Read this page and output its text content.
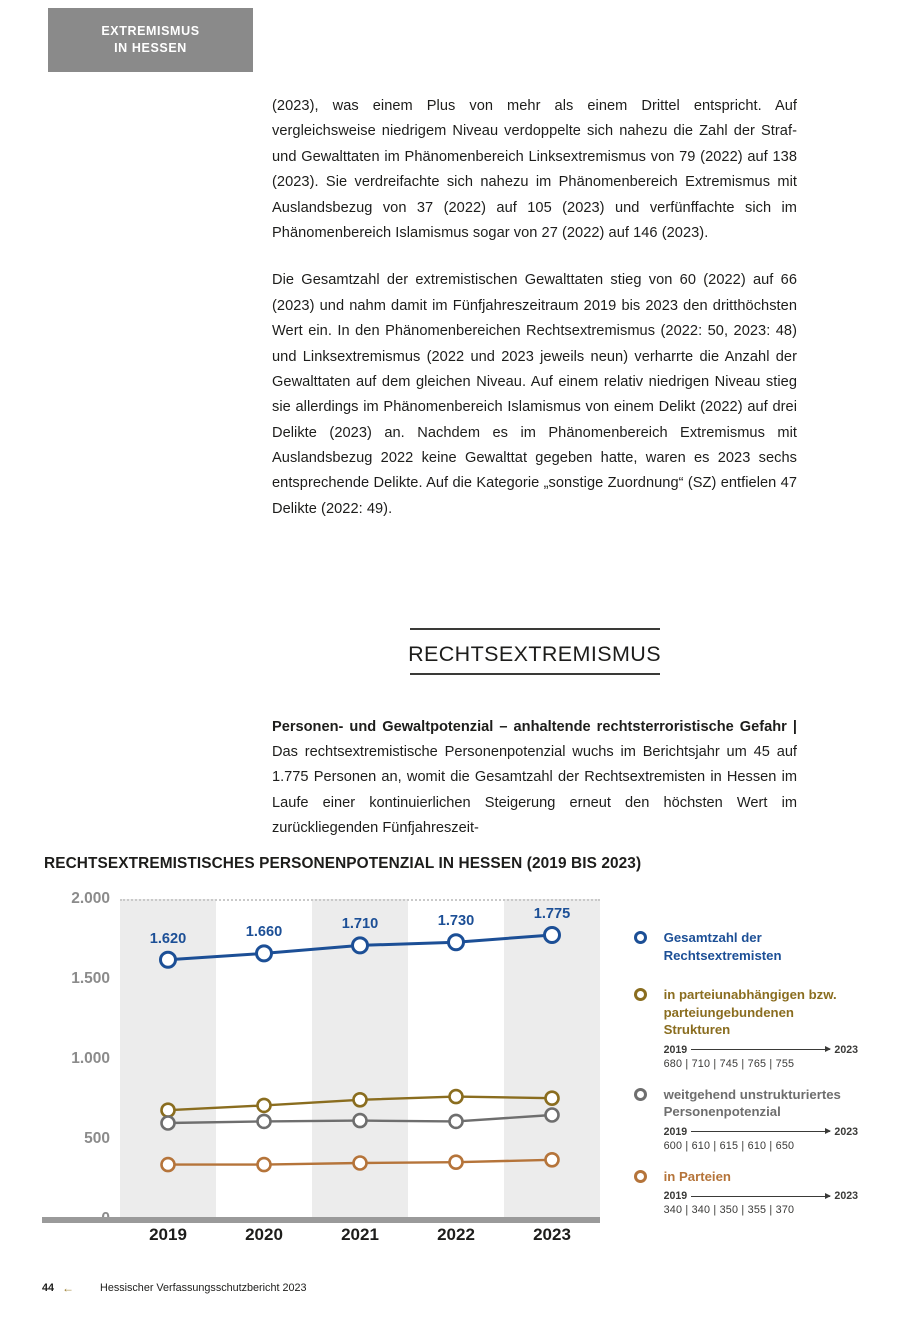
EXTREMISMUS
IN HESSEN

(2023), was einem Plus von mehr als einem Drittel entspricht. Auf vergleichsweise niedrigem Niveau verdoppelte sich nahezu die Zahl der Straf- und Gewalttaten im Phänomenbereich Linksextremismus von 79 (2022) auf 138 (2023). Sie verdreifachte sich nahezu im Phänomenbereich Extremismus mit Auslandsbezug von 37 (2022) auf 105 (2023) und verfünffachte sich im Phänomenbereich Islamismus sogar von 27 (2022) auf 146 (2023).

Die Gesamtzahl der extremistischen Gewalttaten stieg von 60 (2022) auf 66 (2023) und nahm damit im Fünfjahreszeitraum 2019 bis 2023 den dritthöchsten Wert ein. In den Phänomenbereichen Rechtsextremismus (2022: 50, 2023: 48) und Linksextremismus (2022 und 2023 jeweils neun) verharrte die Anzahl der Gewalttaten auf dem gleichen Niveau. Auf einem relativ niedrigen Niveau stieg sie allerdings im Phänomenbereich Islamismus von einem Delikt (2022) auf drei Delikte (2023) an. Nachdem es im Phänomenbereich Extremismus mit Auslandsbezug 2022 keine Gewalttat gegeben hatte, waren es 2023 sechs entsprechende Delikte. Auf die Kategorie „sonstige Zuordnung“ (SZ) entfielen 47 Delikte (2022: 49).

RECHTSEXTREMISMUS

Personen- und Gewaltpotenzial – anhaltende rechtsterroristische Gefahr | Das rechtsextremistische Personenpotenzial wuchs im Berichtsjahr um 45 auf 1.775 Personen an, womit die Gesamtzahl der Rechtsextremisten in Hessen im Laufe einer kontinuierlichen Steigerung erneut den höchsten Wert im zurückliegenden Fünfjahreszeit-

RECHTSEXTREMISTISCHES PERSONENPOTENZIAL IN HESSEN (2019 BIS 2023)
500
1.000
1.500
2.000
1.620	1.660	1.710	1.730	1.775
2019	2020	2021	2022	2023
Gesamtzahl der Rechtsextremisten
in parteiunabhängigen bzw. parteiungebundenen Strukturen
2019	2023
680 | 710 | 745 | 765 | 755
weitgehend unstrukturiertes Personenpotenzial
2019	2023
600 | 610 | 615 | 610 | 650
in Parteien
2019	2023
340 | 340 | 350 | 355 | 370
44 ← Hessischer Verfassungsschutzbericht 2023
